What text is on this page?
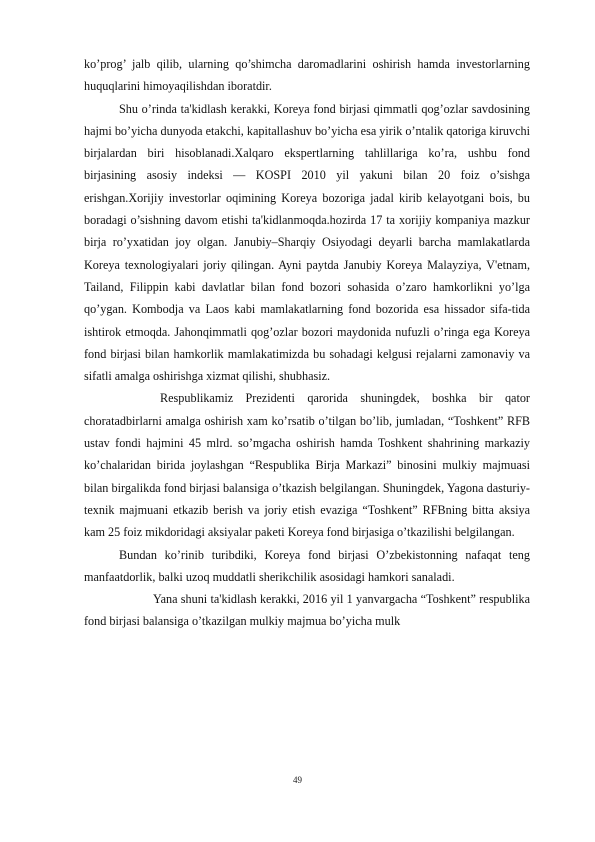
ko’prog’ jalb qilib, ularning qo’shimcha daromadlarini oshirish hamda investorlarning huquqlarini himoyaqilishdan iboratdir.

Shu o’rinda ta'kidlash kerakki, Koreya fond birjasi qimmatli qog’ozlar savdosining hajmi bo’yicha dunyoda etakchi, kapitallashuv bo’yicha esa yirik o’ntalik qatoriga kiruvchi birjalardan biri hisoblanadi.Xalqaro ekspertlarning tahlillariga ko’ra, ushbu fond birjasining asosiy indeksi — KOSPI 2010 yil yakuni bilan 20 foiz o’sishga erishgan.Xorijiy investorlar oqimining Koreya bozoriga jadal kirib kelayotgani bois, bu boradagi o’sishning davom etishi ta'kidlanmoqda.hozirda 17 ta xorijiy kompaniya mazkur birja ro’yxatidan joy olgan. Janubiy–Sharqiy Osiyodagi deyarli barcha mamlakatlarda Koreya texnologiyalari joriy qilingan. Ayni paytda Janubiy Koreya Malayziya, V'etnam, Tailand, Filippin kabi davlatlar bilan fond bozori sohasida o’zaro hamkorlikni yo’lga qo’ygan. Kombodja va Laos kabi mamlakatlarning fond bozorida esa hissador sifa-tida ishtirok etmoqda. Jahonqimmatli qog’ozlar bozori maydonida nufuzli o’ringa ega Koreya fond birjasi bilan hamkorlik mamlakatimizda bu sohadagi kelgusi rejalarni zamonaviy va sifatli amalga oshirishga xizmat qilishi, shubhasiz.

Respublikamiz Prezidenti qarorida shuningdek, boshka bir qator choratadbirlarni amalga oshirish xam ko’rsatib o’tilgan bo’lib, jumladan, “Toshkent” RFB ustav fondi hajmini 45 mlrd. so’mgacha oshirish hamda Toshkent shahrining markaziy ko’chalaridan birida joylashgan “Respublika Birja Markazi” binosini mulkiy majmuasi bilan birgalikda fond birjasi balansiga o’tkazish belgilangan. Shuningdek, Yagona dasturiy-texnik majmuani etkazib berish va joriy etish evaziga “Toshkent” RFBning bitta aksiya kam 25 foiz mikdoridagi aksiyalar paketi Koreya fond birjasiga o’tkazilishi belgilangan.

Bundan ko’rinib turibdiki, Koreya fond birjasi O’zbekistonning nafaqat teng manfaatdorlik, balki uzoq muddatli sherikchilik asosidagi hamkori sanaladi.

Yana shuni ta'kidlash kerakki, 2016 yil 1 yanvargacha “Toshkent” respublika fond birjasi balansiga o’tkazilgan mulkiy majmua bo’yicha mulk

49
